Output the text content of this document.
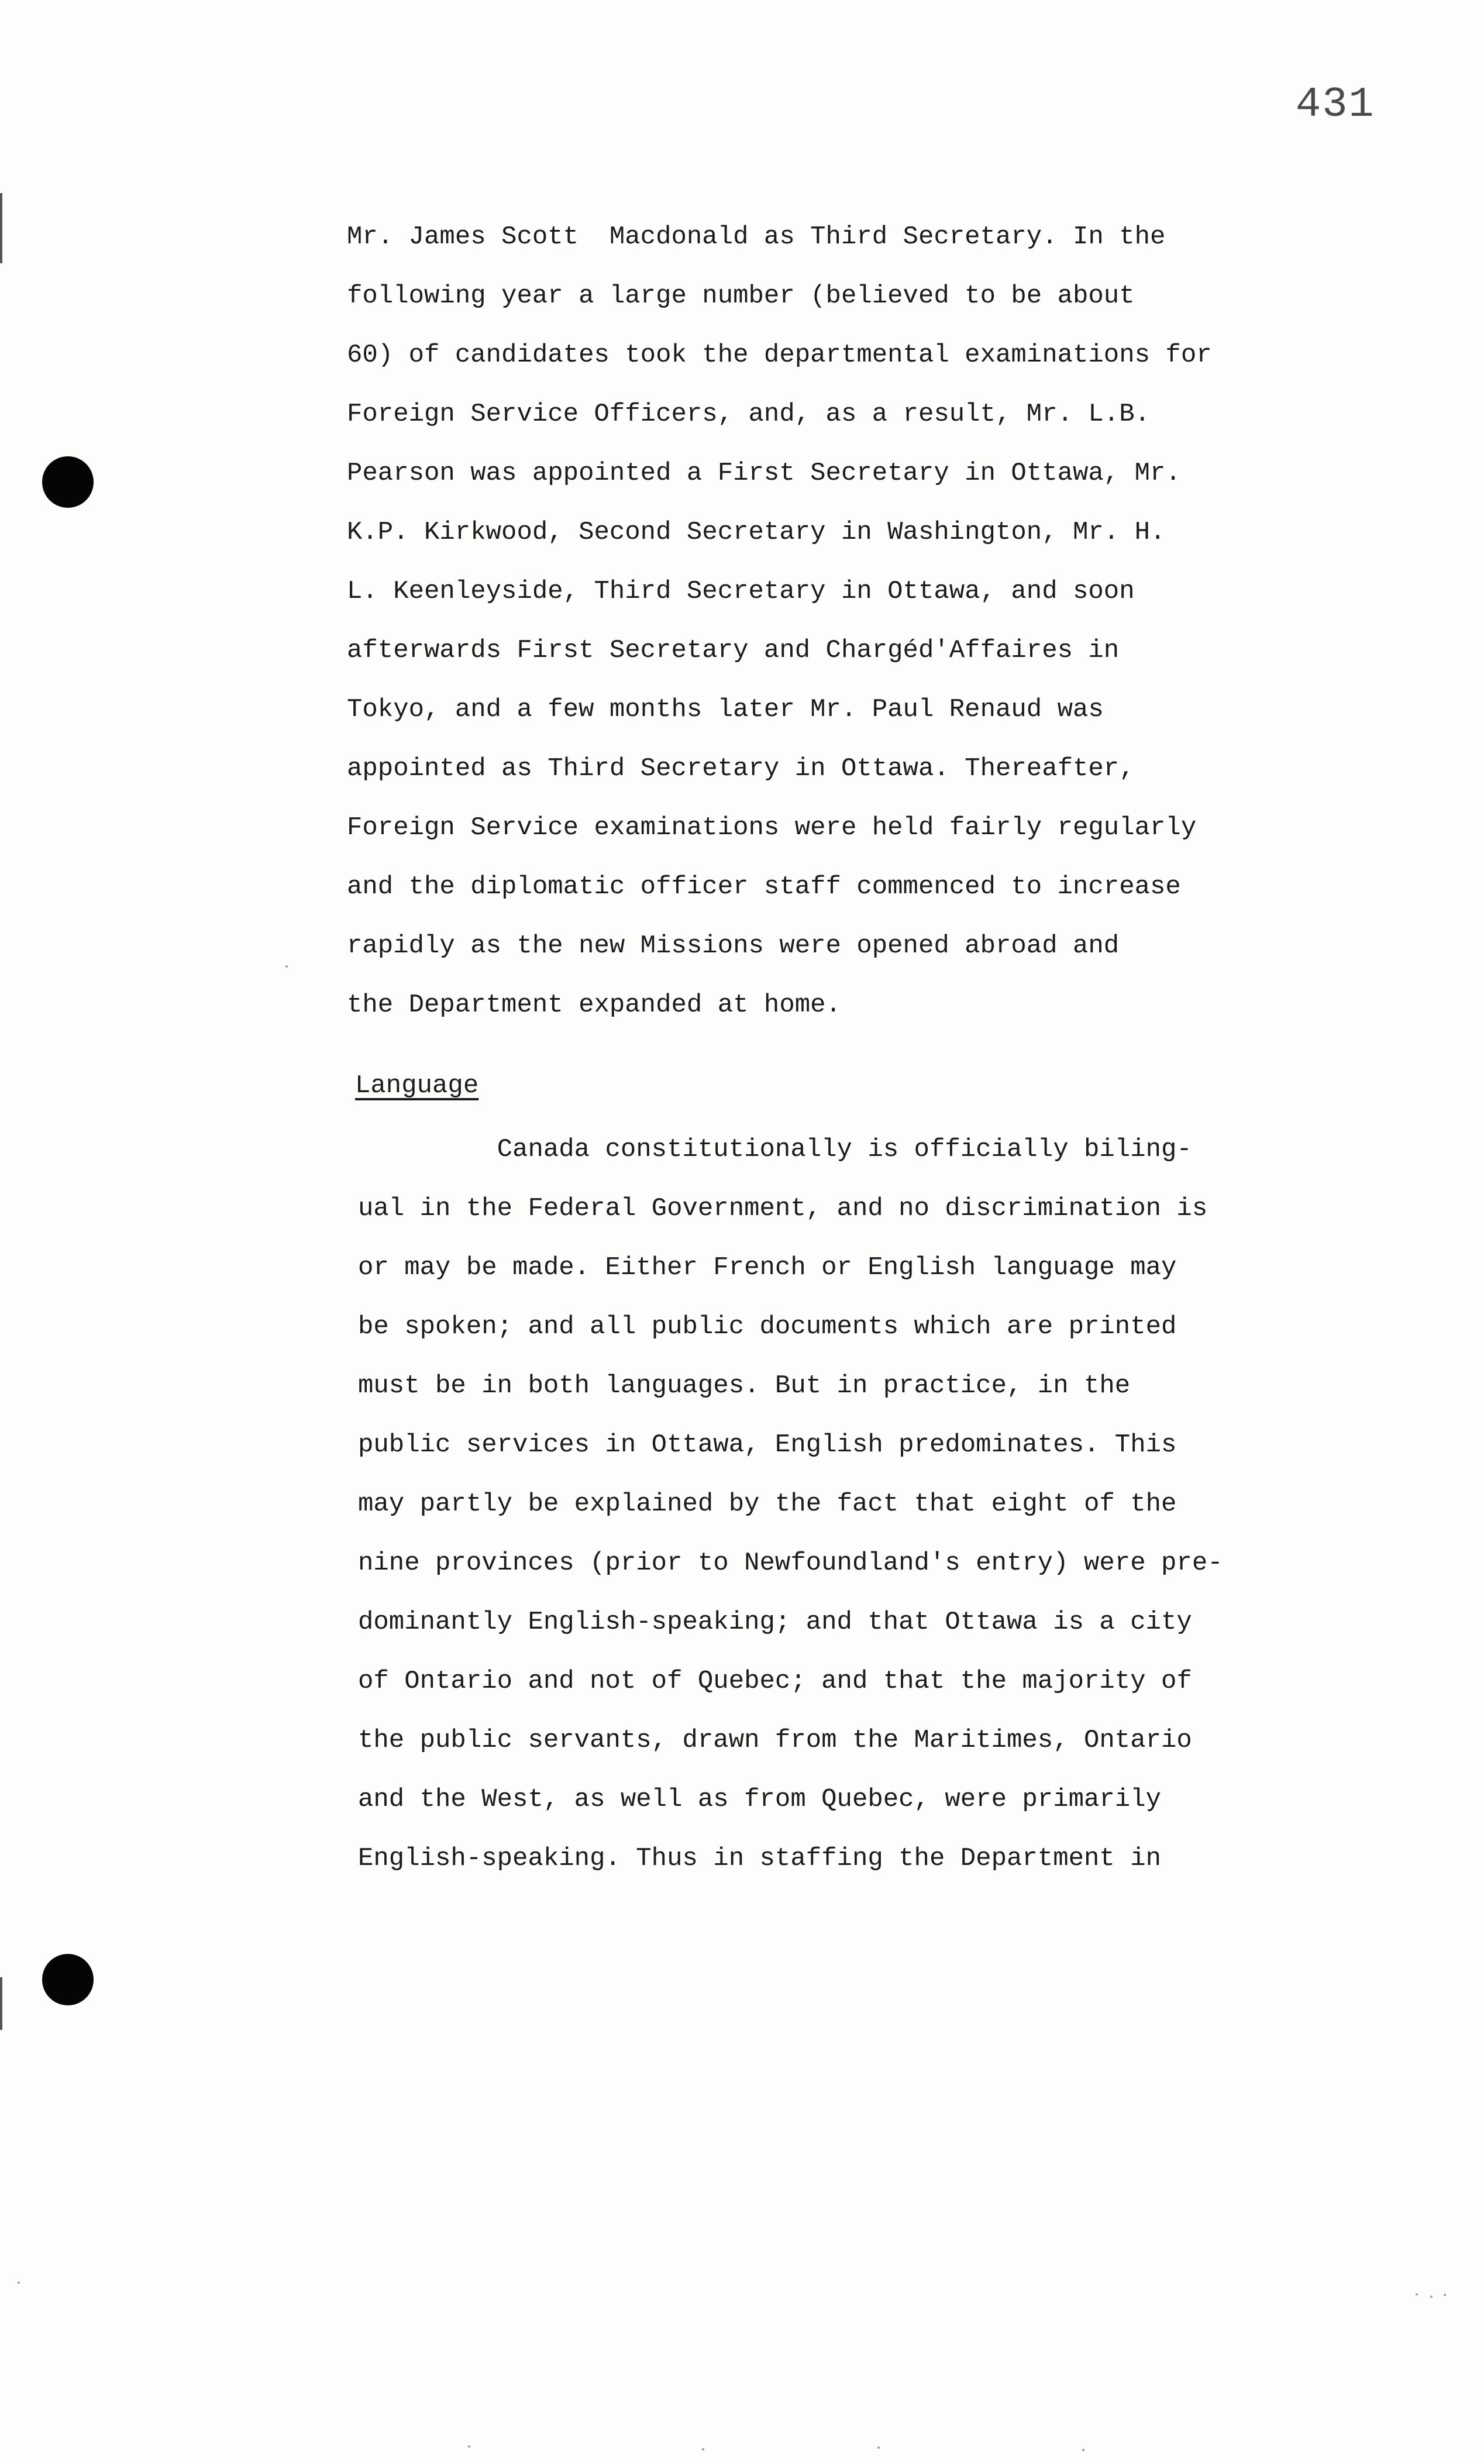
431
Mr. James Scott  Macdonald as Third Secretary. In the
following year a large number (believed to be about
60) of candidates took the departmental examinations for
Foreign Service Officers, and, as a result, Mr. L.B.
Pearson was appointed a First Secretary in Ottawa, Mr.
K.P. Kirkwood, Second Secretary in Washington, Mr. H.
L. Keenleyside, Third Secretary in Ottawa, and soon
afterwards First Secretary and Chargéd'Affaires in
Tokyo, and a few months later Mr. Paul Renaud was
appointed as Third Secretary in Ottawa. Thereafter,
Foreign Service examinations were held fairly regularly
and the diplomatic officer staff commenced to increase
rapidly as the new Missions were opened abroad and
the Department expanded at home.
Language
Canada constitutionally is officially biling-
ual in the Federal Government, and no discrimination is
or may be made. Either French or English language may
be spoken; and all public documents which are printed
must be in both languages. But in practice, in the
public services in Ottawa, English predominates. This
may partly be explained by the fact that eight of the
nine provinces (prior to Newfoundland's entry) were pre-
dominantly English-speaking; and that Ottawa is a city
of Ontario and not of Quebec; and that the majority of
the public servants, drawn from the Maritimes, Ontario
and the West, as well as from Quebec, were primarily
English-speaking. Thus in staffing the Department in
